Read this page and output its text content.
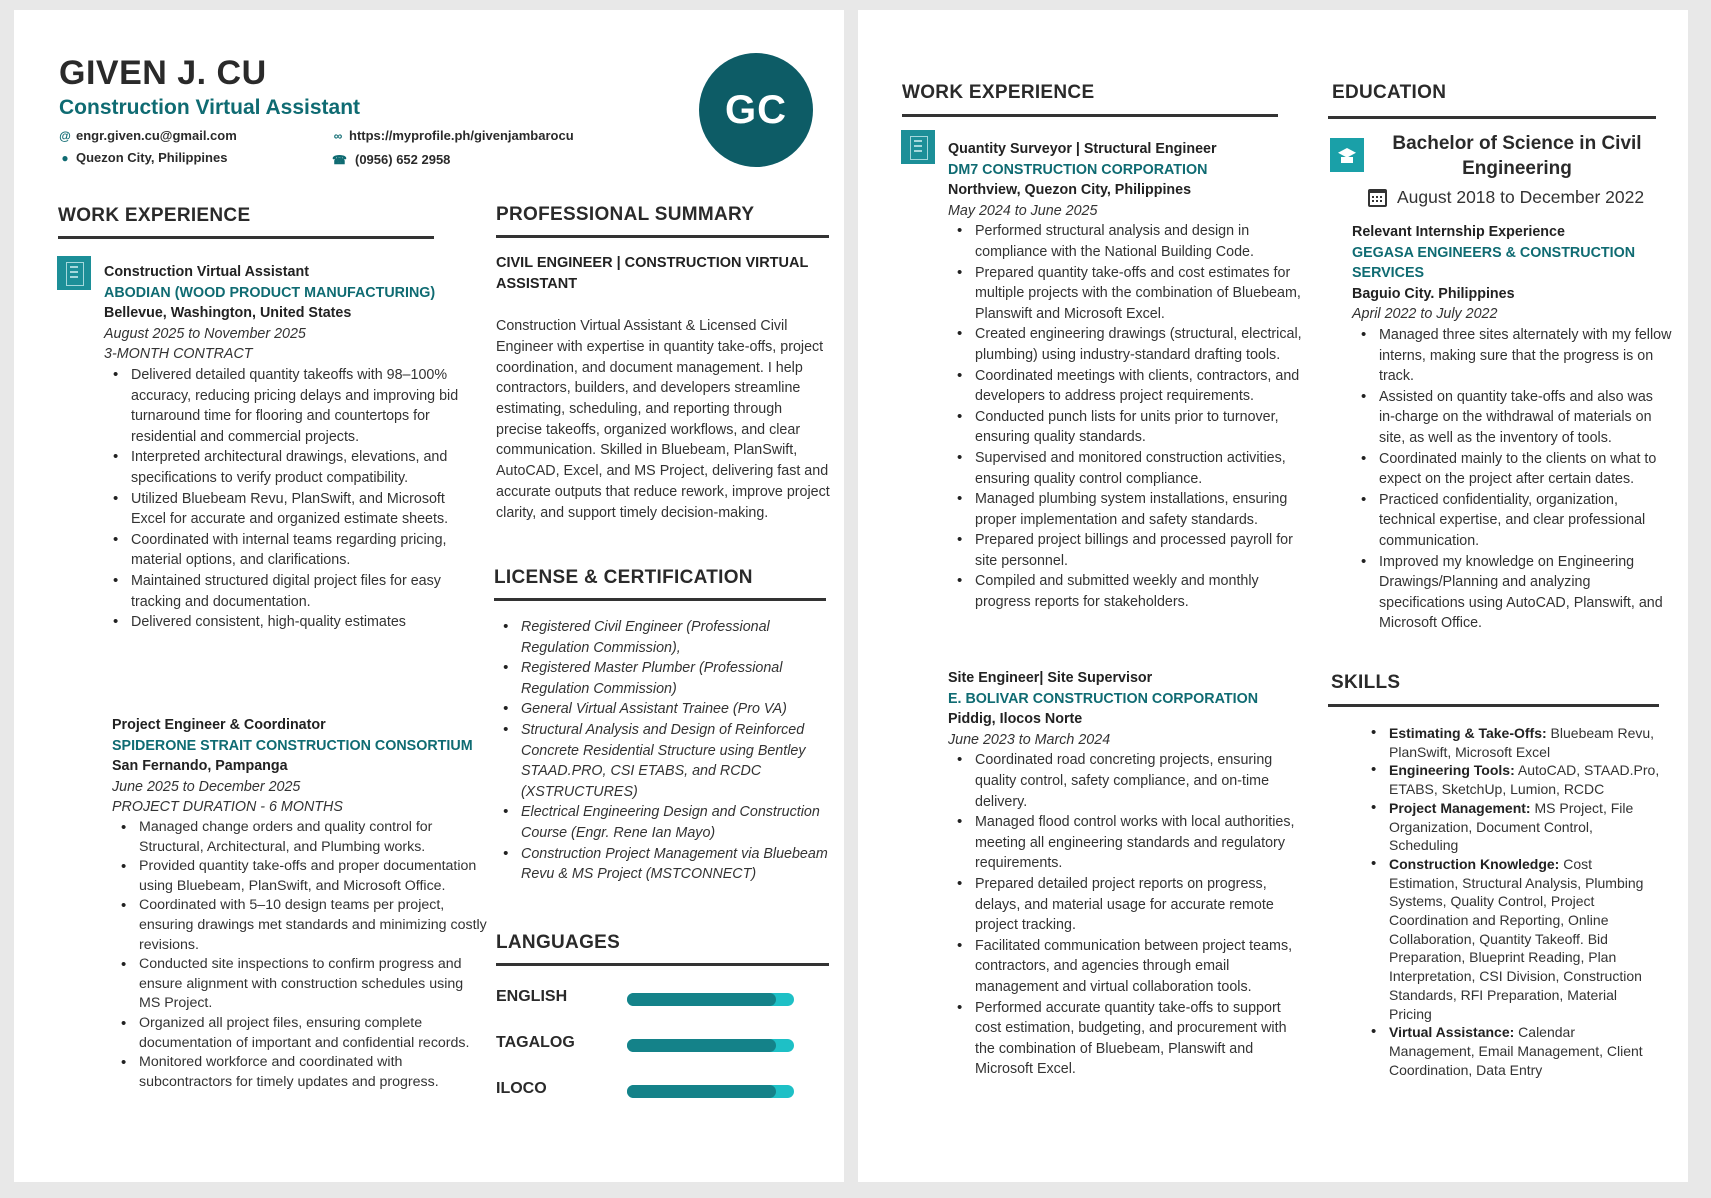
GIVEN J. CU
Construction Virtual Assistant
@ engr.given.cu@gmail.com
● Quezon City, Philippines
∞ https://myprofile.ph/givenjambarocu
☎ (0956) 652 2958
GC
WORK EXPERIENCE
Construction Virtual Assistant
ABODIAN (WOOD PRODUCT MANUFACTURING)
Bellevue, Washington, United States
August 2025 to November 2025
3-MONTH CONTRACT
• Delivered detailed quantity takeoffs with 98–100% accuracy, reducing pricing delays and improving bid turnaround time for flooring and countertops for residential and commercial projects.
• Interpreted architectural drawings, elevations, and specifications to verify product compatibility.
• Utilized Bluebeam Revu, PlanSwift, and Microsoft Excel for accurate and organized estimate sheets.
• Coordinated with internal teams regarding pricing, material options, and clarifications.
• Maintained structured digital project files for easy tracking and documentation.
• Delivered consistent, high-quality estimates
Project Engineer & Coordinator
SPIDERONE STRAIT CONSTRUCTION CONSORTIUM
San Fernando, Pampanga
June 2025 to December 2025
PROJECT DURATION - 6 MONTHS
• Managed change orders and quality control for Structural, Architectural, and Plumbing works.
• Provided quantity take-offs and proper documentation using Bluebeam, PlanSwift, and Microsoft Office.
• Coordinated with 5–10 design teams per project, ensuring drawings met standards and minimizing costly revisions.
• Conducted site inspections to confirm progress and ensure alignment with construction schedules using MS Project.
• Organized all project files, ensuring complete documentation of important and confidential records.
• Monitored workforce and coordinated with subcontractors for timely updates and progress.
PROFESSIONAL SUMMARY
CIVIL ENGINEER | CONSTRUCTION VIRTUAL ASSISTANT
Construction Virtual Assistant & Licensed Civil Engineer with expertise in quantity take-offs, project coordination, and document management. I help contractors, builders, and developers streamline estimating, scheduling, and reporting through precise takeoffs, organized workflows, and clear communication. Skilled in Bluebeam, PlanSwift, AutoCAD, Excel, and MS Project, delivering fast and accurate outputs that reduce rework, improve project clarity, and support timely decision-making.
LICENSE & CERTIFICATION
• Registered Civil Engineer (Professional Regulation Commission),
• Registered Master Plumber (Professional Regulation Commission)
• General Virtual Assistant Trainee (Pro VA)
• Structural Analysis and Design of Reinforced Concrete Residential Structure using Bentley STAAD.PRO, CSI ETABS, and RCDC (XSTRUCTURES)
• Electrical Engineering Design and Construction Course (Engr. Rene Ian Mayo)
• Construction Project Management via Bluebeam Revu & MS Project (MSTCONNECT)
LANGUAGES
ENGLISH
TAGALOG
ILOCO
WORK EXPERIENCE
Quantity Surveyor | Structural Engineer
DM7 CONSTRUCTION CORPORATION
Northview, Quezon City, Philippines
May 2024 to June 2025
• Performed structural analysis and design in compliance with the National Building Code.
• Prepared quantity take-offs and cost estimates for multiple projects with the combination of Bluebeam, Planswift and Microsoft Excel.
• Created engineering drawings (structural, electrical, plumbing) using industry-standard drafting tools.
• Coordinated meetings with clients, contractors, and developers to address project requirements.
• Conducted punch lists for units prior to turnover, ensuring quality standards.
• Supervised and monitored construction activities, ensuring quality control compliance.
• Managed plumbing system installations, ensuring proper implementation and safety standards.
• Prepared project billings and processed payroll for site personnel.
• Compiled and submitted weekly and monthly progress reports for stakeholders.
Site Engineer| Site Supervisor
E. BOLIVAR CONSTRUCTION CORPORATION
Piddig, Ilocos Norte
June 2023 to March 2024
• Coordinated road concreting projects, ensuring quality control, safety compliance, and on-time delivery.
• Managed flood control works with local authorities, meeting all engineering standards and regulatory requirements.
• Prepared detailed project reports on progress, delays, and material usage for accurate remote project tracking.
• Facilitated communication between project teams, contractors, and agencies through email management and virtual collaboration tools.
• Performed accurate quantity take-offs to support cost estimation, budgeting, and procurement with the combination of Bluebeam, Planswift and Microsoft Excel.
EDUCATION
Bachelor of Science in Civil Engineering
August 2018 to December 2022
Relevant Internship Experience
GEGASA ENGINEERS & CONSTRUCTION SERVICES
Baguio City. Philippines
April 2022 to July 2022
• Managed three sites alternately with my fellow interns, making sure that the progress is on track.
• Assisted on quantity take-offs and also was in-charge on the withdrawal of materials on site, as well as the inventory of tools.
• Coordinated mainly to the clients on what to expect on the project after certain dates.
• Practiced confidentiality, organization, technical expertise, and clear professional communication.
• Improved my knowledge on Engineering Drawings/Planning and analyzing specifications using AutoCAD, Planswift, and Microsoft Office.
SKILLS
• Estimating & Take-Offs: Bluebeam Revu, PlanSwift, Microsoft Excel
• Engineering Tools: AutoCAD, STAAD.Pro, ETABS, SketchUp, Lumion, RCDC
• Project Management: MS Project, File Organization, Document Control, Scheduling
• Construction Knowledge: Cost Estimation, Structural Analysis, Plumbing Systems, Quality Control, Project Coordination and Reporting, Online Collaboration, Quantity Takeoff. Bid Preparation, Blueprint Reading, Plan Interpretation, CSI Division, Construction Standards, RFI Preparation, Material Pricing
• Virtual Assistance: Calendar Management, Email Management, Client Coordination, Data Entry
